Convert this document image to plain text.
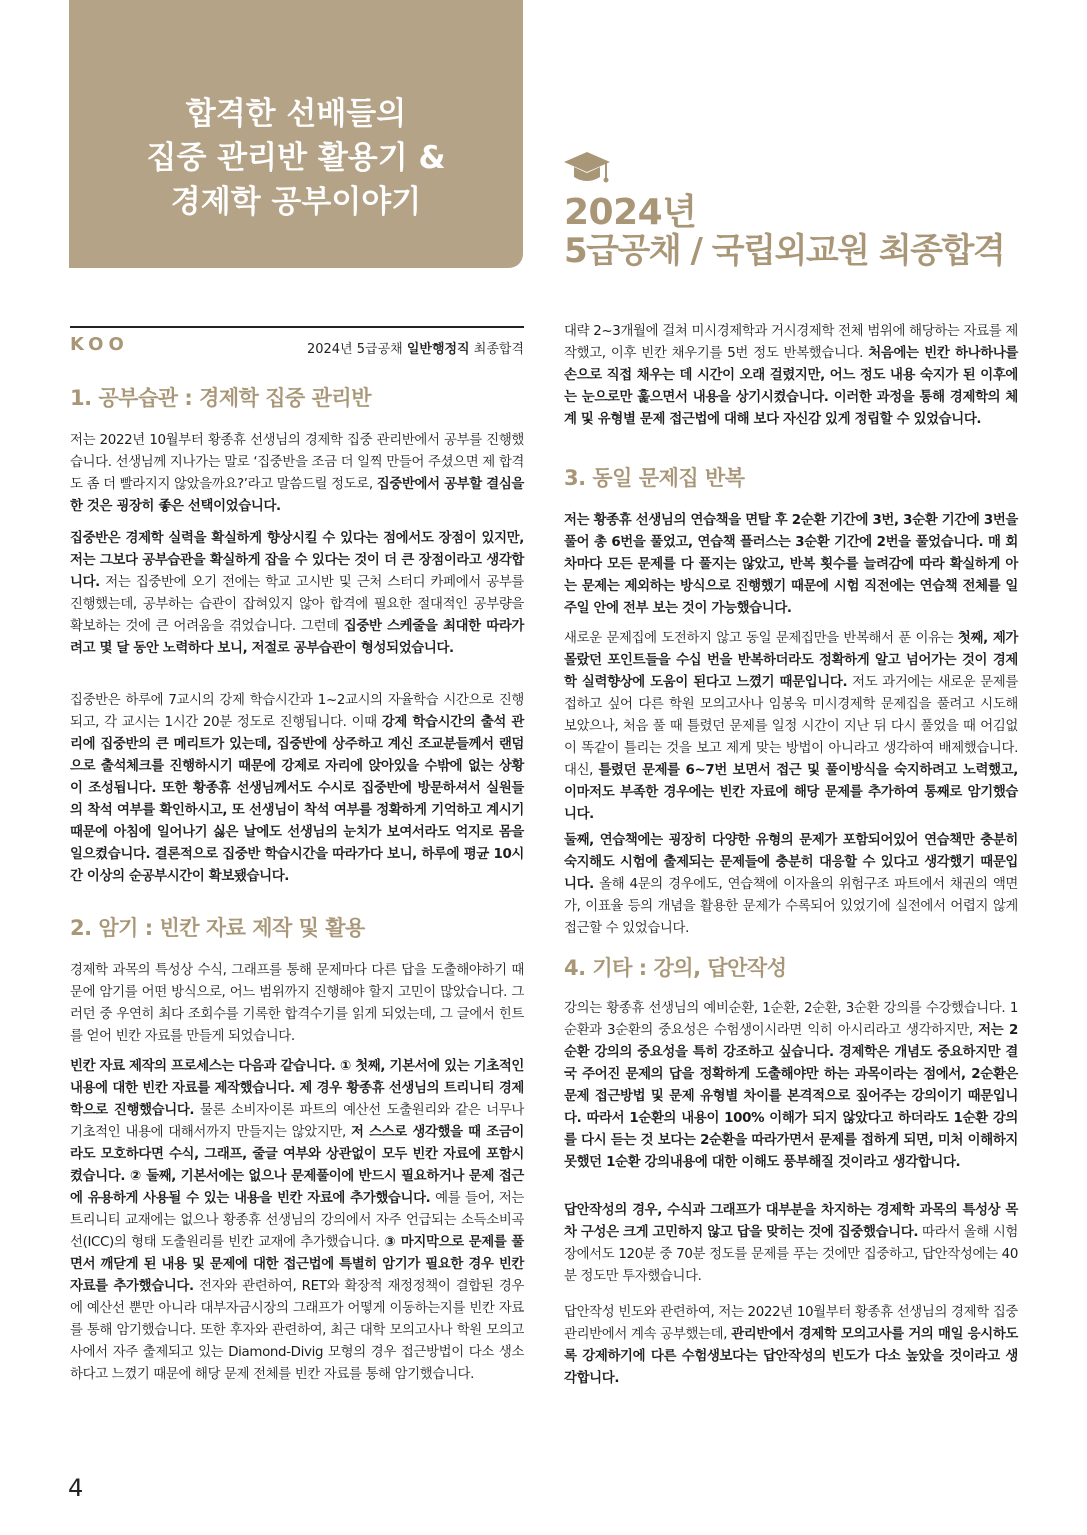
합격한 선배들의
집중 관리반 활용기 &
경제학 공부이야기	2024년
5급공채 / 국립외교원 최종합격
KOO	2024년 5급공채 일반행정직 최종합격
1. 공부습관 : 경제학 집중 관리반

저는 2022년 10월부터 황종휴 선생님의 경제학 집중 관리반에서 공부를 진행했습니다. 선생님께 지나가는 말로 ‘집중반을 조금 더 일찍 만들어 주셨으면 제 합격도 좀 더 빨라지지 않았을까요?’라고 말씀드릴 정도로, 집중반에서 공부할 결심을 한 것은 굉장히 좋은 선택이었습니다.

집중반은 경제학 실력을 확실하게 향상시킬 수 있다는 점에서도 장점이 있지만, 저는 그보다 공부습관을 확실하게 잡을 수 있다는 것이 더 큰 장점이라고 생각합니다. 저는 집중반에 오기 전에는 학교 고시반 및 근처 스터디 카페에서 공부를 진행했는데, 공부하는 습관이 잡혀있지 않아 합격에 필요한 절대적인 공부량을 확보하는 것에 큰 어려움을 겪었습니다. 그런데 집중반 스케줄을 최대한 따라가려고 몇 달 동안 노력하다 보니, 저절로 공부습관이 형성되었습니다.

집중반은 하루에 7교시의 강제 학습시간과 1~2교시의 자율학습 시간으로 진행되고, 각 교시는 1시간 20분 정도로 진행됩니다. 이때 강제 학습시간의 출석 관리에 집중반의 큰 메리트가 있는데, 집중반에 상주하고 계신 조교분들께서 랜덤으로 출석체크를 진행하시기 때문에 강제로 자리에 앉아있을 수밖에 없는 상황이 조성됩니다. 또한 황종휴 선생님께서도 수시로 집중반에 방문하셔서 실원들의 착석 여부를 확인하시고, 또 선생님이 착석 여부를 정확하게 기억하고 계시기 때문에 아침에 일어나기 싫은 날에도 선생님의 눈치가 보여서라도 억지로 몸을 일으켰습니다. 결론적으로 집중반 학습시간을 따라가다 보니, 하루에 평균 10시간 이상의 순공부시간이 확보됐습니다.

2. 암기 : 빈칸 자료 제작 및 활용

경제학 과목의 특성상 수식, 그래프를 통해 문제마다 다른 답을 도출해야하기 때문에 암기를 어떤 방식으로, 어느 범위까지 진행해야 할지 고민이 많았습니다. 그러던 중 우연히 최다 조회수를 기록한 합격수기를 읽게 되었는데, 그 글에서 힌트를 얻어 빈칸 자료를 만들게 되었습니다.

빈칸 자료 제작의 프로세스는 다음과 같습니다. ① 첫째, 기본서에 있는 기초적인 내용에 대한 빈칸 자료를 제작했습니다. 제 경우 황종휴 선생님의 트리니티 경제학으로 진행했습니다. 물론 소비자이론 파트의 예산선 도출원리와 같은 너무나 기초적인 내용에 대해서까지 만들지는 않았지만, 저 스스로 생각했을 때 조금이라도 모호하다면 수식, 그래프, 줄글 여부와 상관없이 모두 빈칸 자료에 포함시켰습니다. ② 둘째, 기본서에는 없으나 문제풀이에 반드시 필요하거나 문제 접근에 유용하게 사용될 수 있는 내용을 빈칸 자료에 추가했습니다. 예를 들어, 저는 트리니티 교재에는 없으나 황종휴 선생님의 강의에서 자주 언급되는 소득소비곡선(ICC)의 형태 도출원리를 빈칸 교재에 추가했습니다. ③ 마지막으로 문제를 풀면서 깨닫게 된 내용 및 문제에 대한 접근법에 특별히 암기가 필요한 경우 빈칸 자료를 추가했습니다. 전자와 관련하여, RET와 확장적 재정정책이 결합된 경우에 예산선 뿐만 아니라 대부자금시장의 그래프가 어떻게 이동하는지를 빈칸 자료를 통해 암기했습니다. 또한 후자와 관련하여, 최근 대학 모의고사나 학원 모의고사에서 자주 출제되고 있는 Diamond-Divig 모형의 경우 접근방법이 다소 생소하다고 느꼈기 때문에 해당 문제 전체를 빈칸 자료를 통해 암기했습니다.

대략 2~3개월에 걸쳐 미시경제학과 거시경제학 전체 범위에 해당하는 자료를 제작했고, 이후 빈칸 채우기를 5번 정도 반복했습니다. 처음에는 빈칸 하나하나를 손으로 직접 채우는 데 시간이 오래 걸렸지만, 어느 정도 내용 숙지가 된 이후에는 눈으로만 훑으면서 내용을 상기시켰습니다. 이러한 과정을 통해 경제학의 체계 및 유형별 문제 접근법에 대해 보다 자신감 있게 정립할 수 있었습니다.

3. 동일 문제집 반복

저는 황종휴 선생님의 연습책을 면탈 후 2순환 기간에 3번, 3순환 기간에 3번을 풀어 총 6번을 풀었고, 연습책 플러스는 3순환 기간에 2번을 풀었습니다. 매 회차마다 모든 문제를 다 풀지는 않았고, 반복 횟수를 늘려감에 따라 확실하게 아는 문제는 제외하는 방식으로 진행했기 때문에 시험 직전에는 연습책 전체를 일주일 안에 전부 보는 것이 가능했습니다.

새로운 문제집에 도전하지 않고 동일 문제집만을 반복해서 푼 이유는 첫째, 제가 몰랐던 포인트들을 수십 번을 반복하더라도 정확하게 알고 넘어가는 것이 경제학 실력향상에 도움이 된다고 느꼈기 때문입니다. 저도 과거에는 새로운 문제를 접하고 싶어 다른 학원 모의고사나 임봉욱 미시경제학 문제집을 풀려고 시도해 보았으나, 처음 풀 때 틀렸던 문제를 일정 시간이 지난 뒤 다시 풀었을 때 어김없이 똑같이 틀리는 것을 보고 제게 맞는 방법이 아니라고 생각하여 배제했습니다. 대신, 틀렸던 문제를 6~7번 보면서 접근 및 풀이방식을 숙지하려고 노력했고, 이마저도 부족한 경우에는 빈칸 자료에 해당 문제를 추가하여 통째로 암기했습니다.

둘째, 연습책에는 굉장히 다양한 유형의 문제가 포함되어있어 연습책만 충분히 숙지해도 시험에 출제되는 문제들에 충분히 대응할 수 있다고 생각했기 때문입니다. 올해 4문의 경우에도, 연습책에 이자율의 위험구조 파트에서 채권의 액면가, 이표율 등의 개념을 활용한 문제가 수록되어 있었기에 실전에서 어렵지 않게 접근할 수 있었습니다.

4. 기타 : 강의, 답안작성

강의는 황종휴 선생님의 예비순환, 1순환, 2순환, 3순환 강의를 수강했습니다. 1순환과 3순환의 중요성은 수험생이시라면 익히 아시리라고 생각하지만, 저는 2순환 강의의 중요성을 특히 강조하고 싶습니다. 경제학은 개념도 중요하지만 결국 주어진 문제의 답을 정확하게 도출해야만 하는 과목이라는 점에서, 2순환은 문제 접근방법 및 문제 유형별 차이를 본격적으로 짚어주는 강의이기 때문입니다. 따라서 1순환의 내용이 100% 이해가 되지 않았다고 하더라도 1순환 강의를 다시 듣는 것 보다는 2순환을 따라가면서 문제를 접하게 되면, 미처 이해하지 못했던 1순환 강의내용에 대한 이해도 풍부해질 것이라고 생각합니다.

답안작성의 경우, 수식과 그래프가 대부분을 차지하는 경제학 과목의 특성상 목차 구성은 크게 고민하지 않고 답을 맞히는 것에 집중했습니다. 따라서 올해 시험장에서도 120분 중 70분 정도를 문제를 푸는 것에만 집중하고, 답안작성에는 40분 정도만 투자했습니다.

답안작성 빈도와 관련하여, 저는 2022년 10월부터 황종휴 선생님의 경제학 집중 관리반에서 계속 공부했는데, 관리반에서 경제학 모의고사를 거의 매일 응시하도록 강제하기에 다른 수험생보다는 답안작성의 빈도가 다소 높았을 것이라고 생각합니다.

4
